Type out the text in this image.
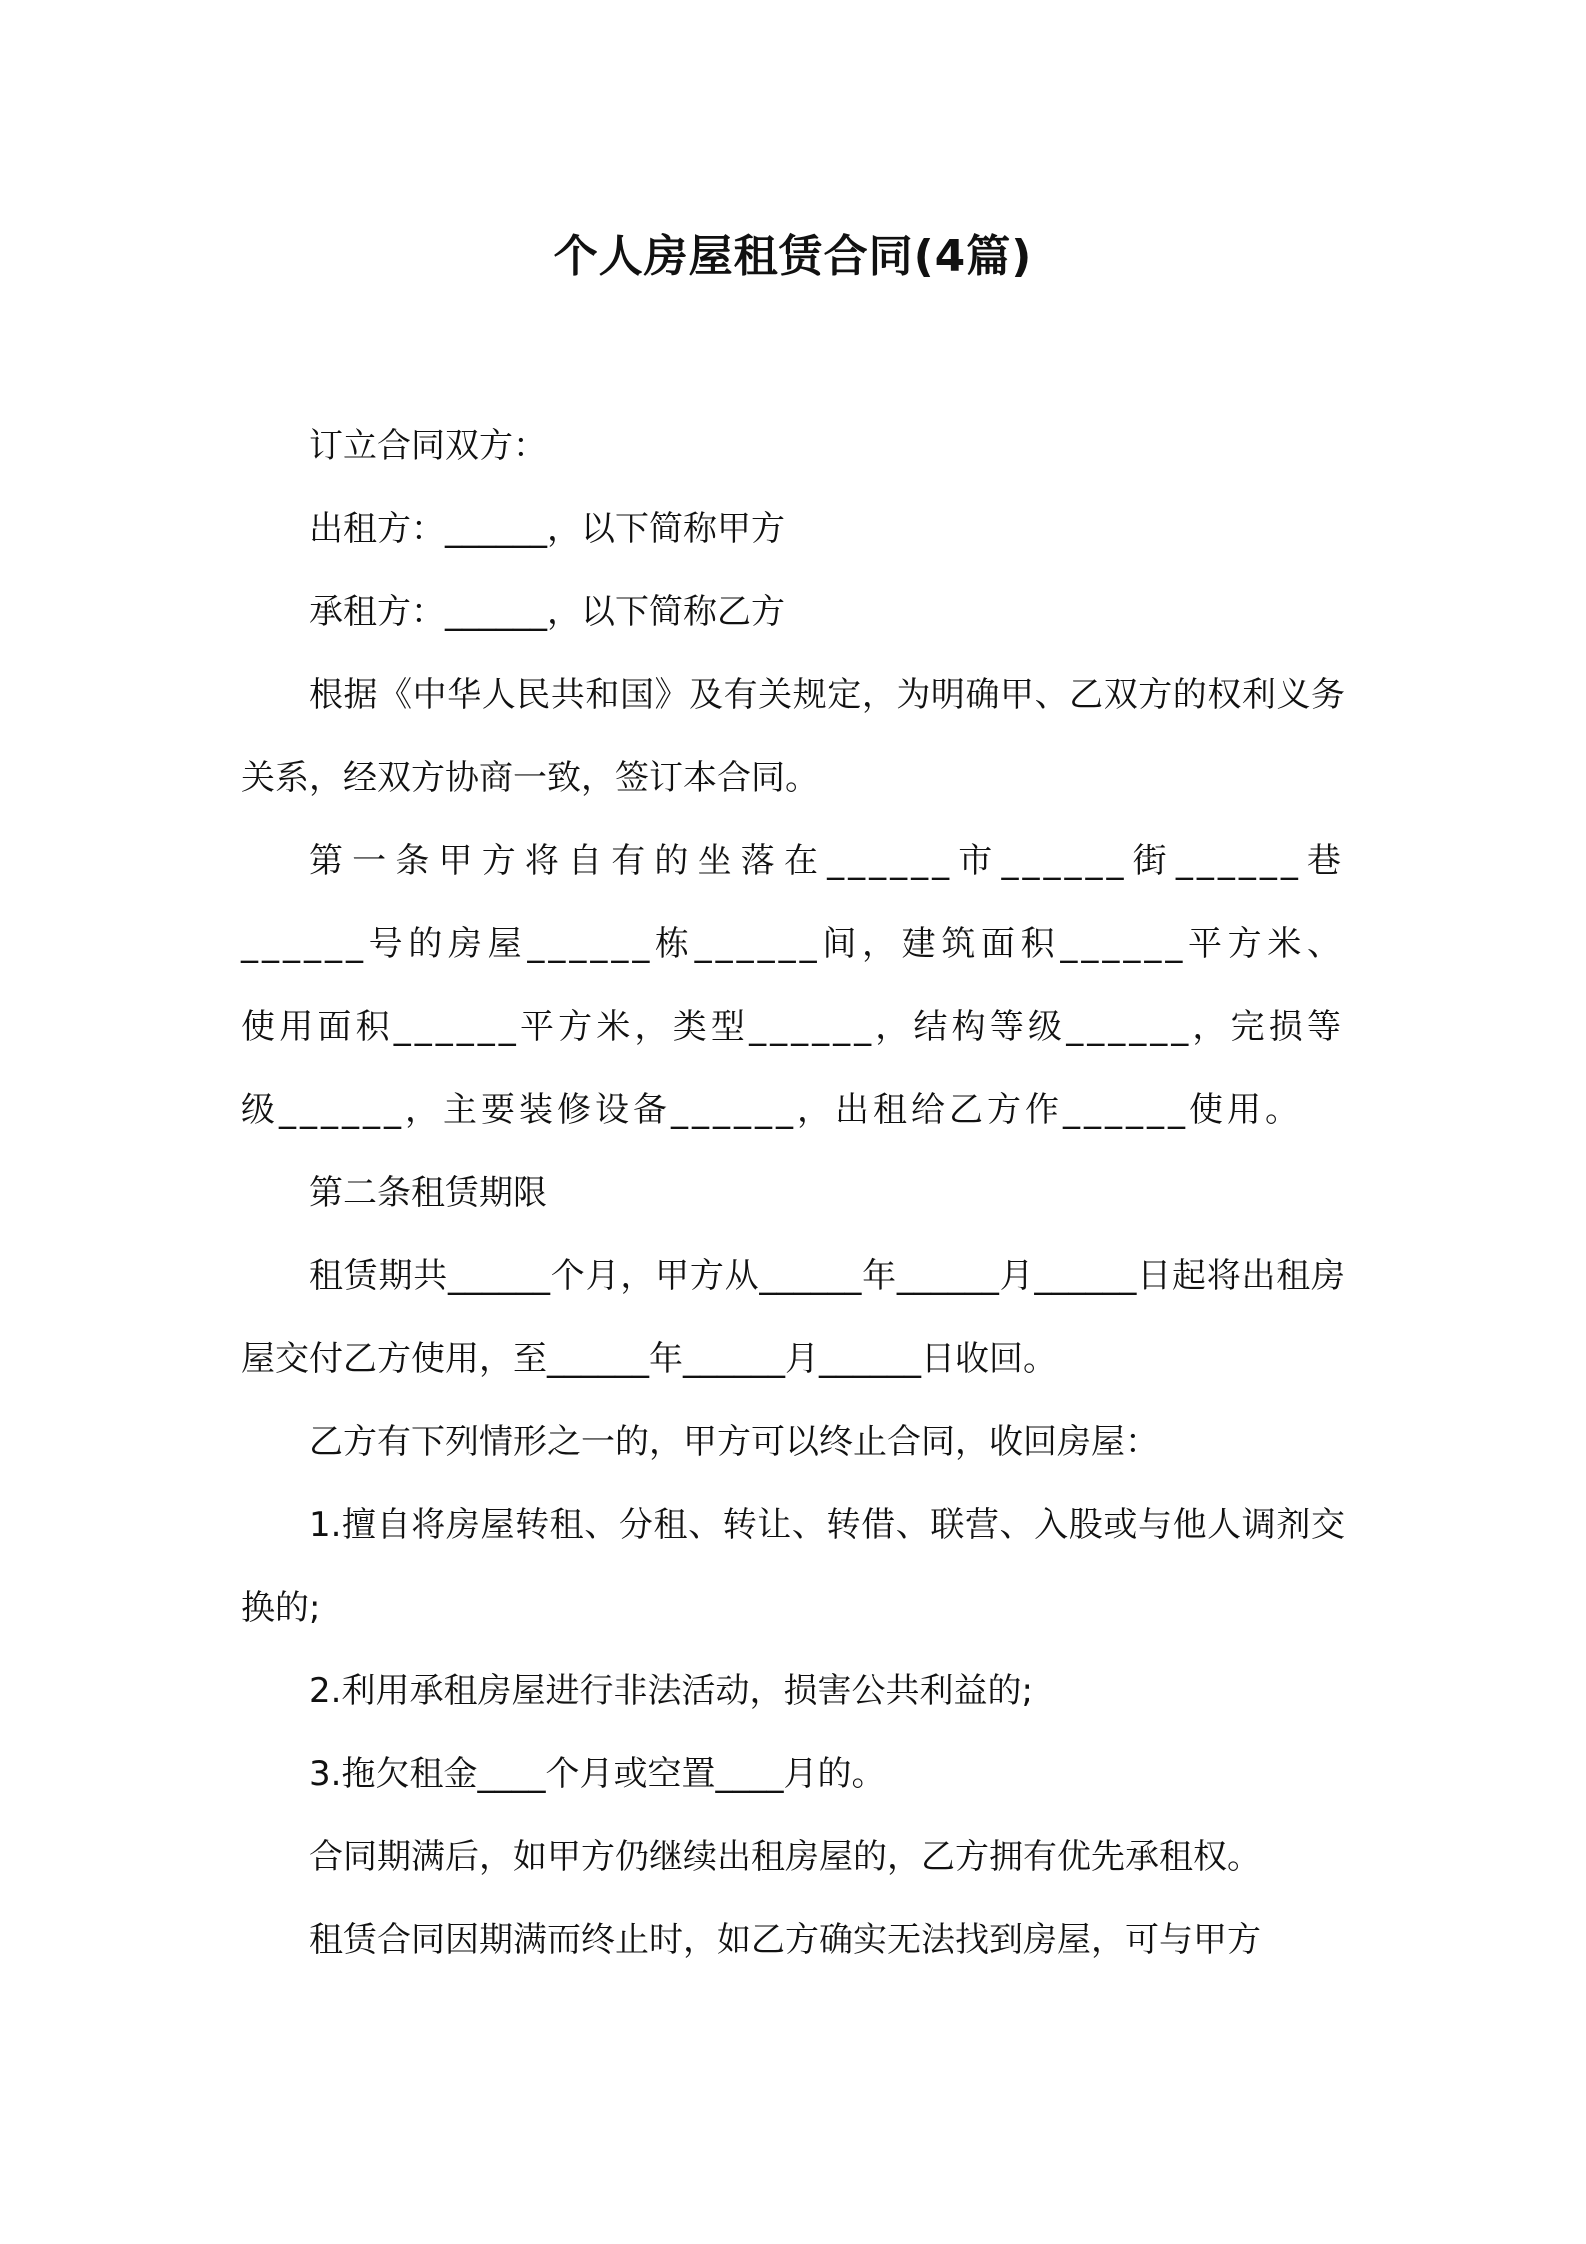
个人房屋租赁合同(4篇)

订立合同双方：

出租方：______，以下简称甲方

承租方：______，以下简称乙方

根据《中华人民共和国》及有关规定，为明确甲、乙双方的权利义务关系，经双方协商一致，签订本合同。

第一条甲方将自有的坐落在______市______街______巷______号的房屋______栋______间，建筑面积______平方米、使用面积______平方米，类型______，结构等级______，完损等级______，主要装修设备______，出租给乙方作______使用。

第二条租赁期限

租赁期共______个月，甲方从______年______月______日起将出租房屋交付乙方使用，至______年______月______日收回。

乙方有下列情形之一的，甲方可以终止合同，收回房屋：

1.擅自将房屋转租、分租、转让、转借、联营、入股或与他人调剂交换的;

2.利用承租房屋进行非法活动，损害公共利益的;

3.拖欠租金____个月或空置____月的。

合同期满后，如甲方仍继续出租房屋的，乙方拥有优先承租权。

租赁合同因期满而终止时，如乙方确实无法找到房屋，可与甲方
